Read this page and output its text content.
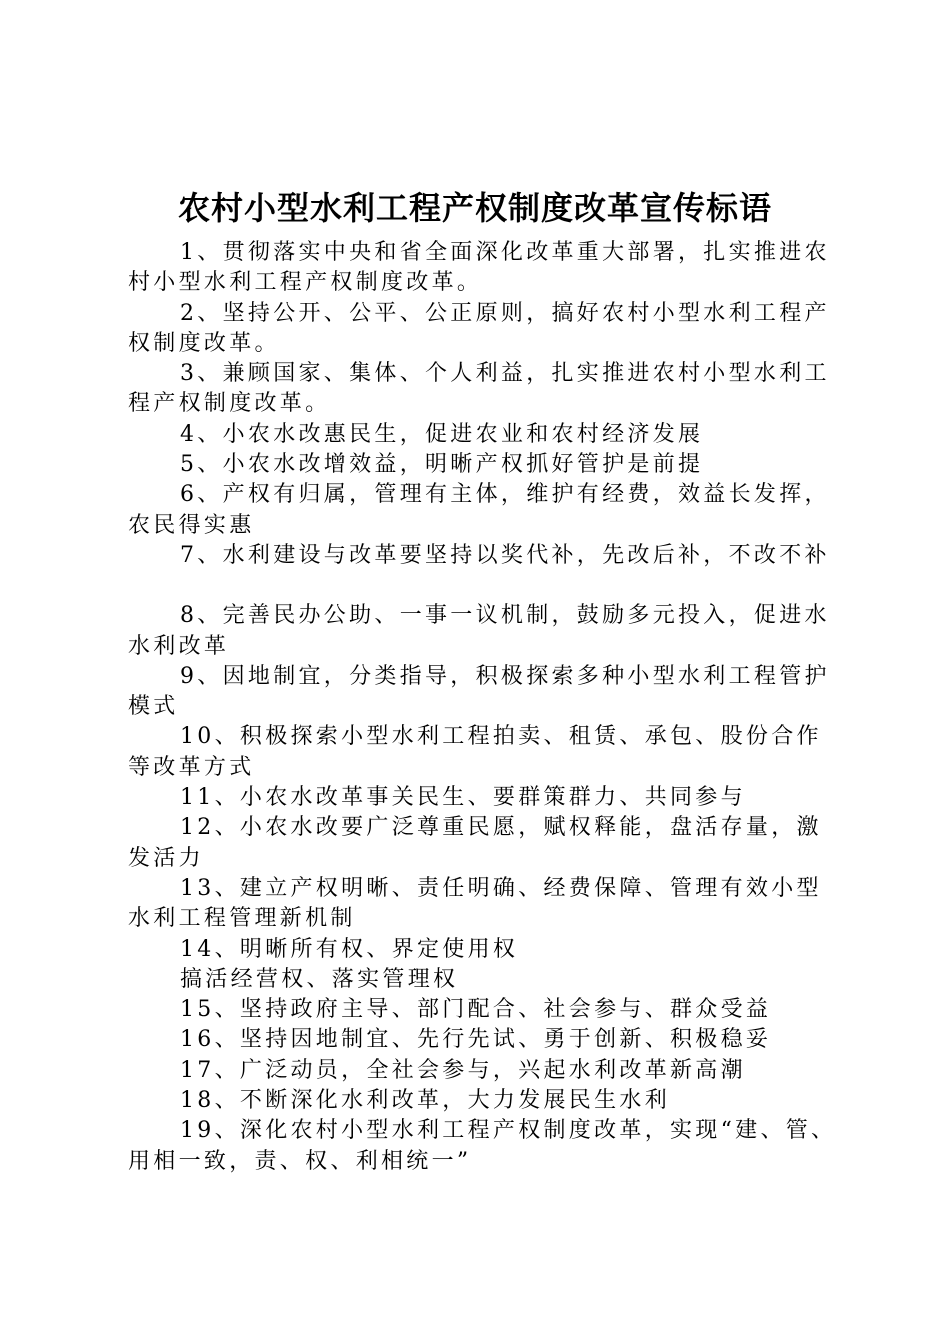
农村小型水利工程产权制度改革宣传标语
1、贯彻落实中央和省全面深化改革重大部署，扎实推进农村小型水利工程产权制度改革。
2、坚持公开、公平、公正原则，搞好农村小型水利工程产权制度改革。
3、兼顾国家、集体、个人利益，扎实推进农村小型水利工程产权制度改革。
4、小农水改惠民生，促进农业和农村经济发展
5、小农水改增效益，明晰产权抓好管护是前提
6、产权有归属，管理有主体，维护有经费，效益长发挥，农民得实惠
7、水利建设与改革要坚持以奖代补，先改后补，不改不补
8、完善民办公助、一事一议机制，鼓励多元投入，促进水水利改革
9、因地制宜，分类指导，积极探索多种小型水利工程管护模式
10、积极探索小型水利工程拍卖、租赁、承包、股份合作等改革方式
11、小农水改革事关民生、要群策群力、共同参与
12、小农水改要广泛尊重民愿，赋权释能，盘活存量，激发活力
13、建立产权明晰、责任明确、经费保障、管理有效小型水利工程管理新机制
14、明晰所有权、界定使用权
搞活经营权、落实管理权
15、坚持政府主导、部门配合、社会参与、群众受益
16、坚持因地制宜、先行先试、勇于创新、积极稳妥
17、广泛动员，全社会参与，兴起水利改革新高潮
18、不断深化水利改革，大力发展民生水利
19、深化农村小型水利工程产权制度改革，实现“建、管、用相一致，责、权、利相统一”
